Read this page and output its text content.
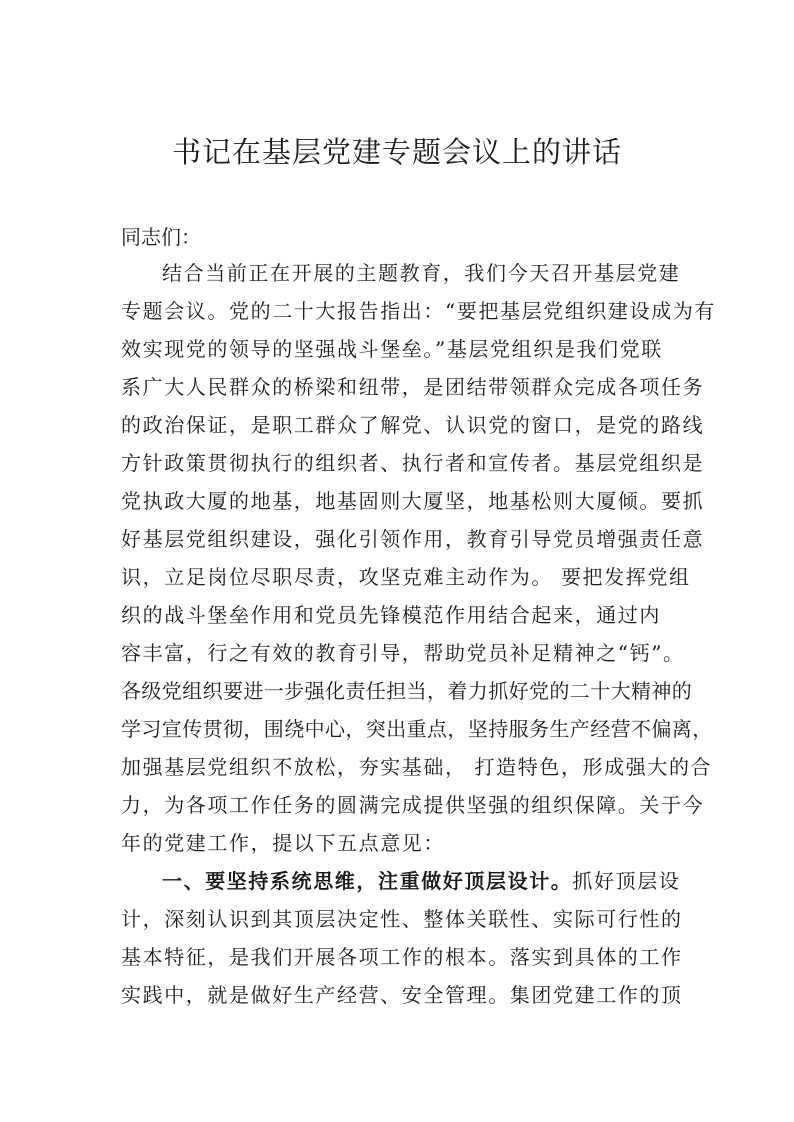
书记在基层党建专题会议上的讲话
同志们：
结合当前正在开展的主题教育，我们今天召开基层党建
专题会议。党的二十大报告指出：“要把基层党组织建设成为有
效实现党的领导的坚强战斗堡垒。”基层党组织是我们党联
系广大人民群众的桥梁和纽带，是团结带领群众完成各项任务
的政治保证，是职工群众了解党、认识党的窗口，是党的路线
方针政策贯彻执行的组织者、执行者和宣传者。基层党组织是
党执政大厦的地基，地基固则大厦坚，地基松则大厦倾。要抓
好基层党组织建设，强化引领作用，教育引导党员增强责任意
识，立足岗位尽职尽责，攻坚克难主动作为。 要把发挥党组
织的战斗堡垒作用和党员先锋模范作用结合起来，通过内
容丰富，行之有效的教育引导，帮助党员补足精神之“钙”。
各级党组织要进一步强化责任担当，着力抓好党的二十大精神的
学习宣传贯彻，围绕中心，突出重点，坚持服务生产经营不偏离，
加强基层党组织不放松，夯实基础， 打造特色，形成强大的合
力，为各项工作任务的圆满完成提供坚强的组织保障。关于今
年的党建工作，提以下五点意见：
一、要坚持系统思维，注重做好顶层设计。抓好顶层设
计，深刻认识到其顶层决定性、整体关联性、实际可行性的
基本特征，是我们开展各项工作的根本。落实到具体的工作
实践中，就是做好生产经营、安全管理。集团党建工作的顶
